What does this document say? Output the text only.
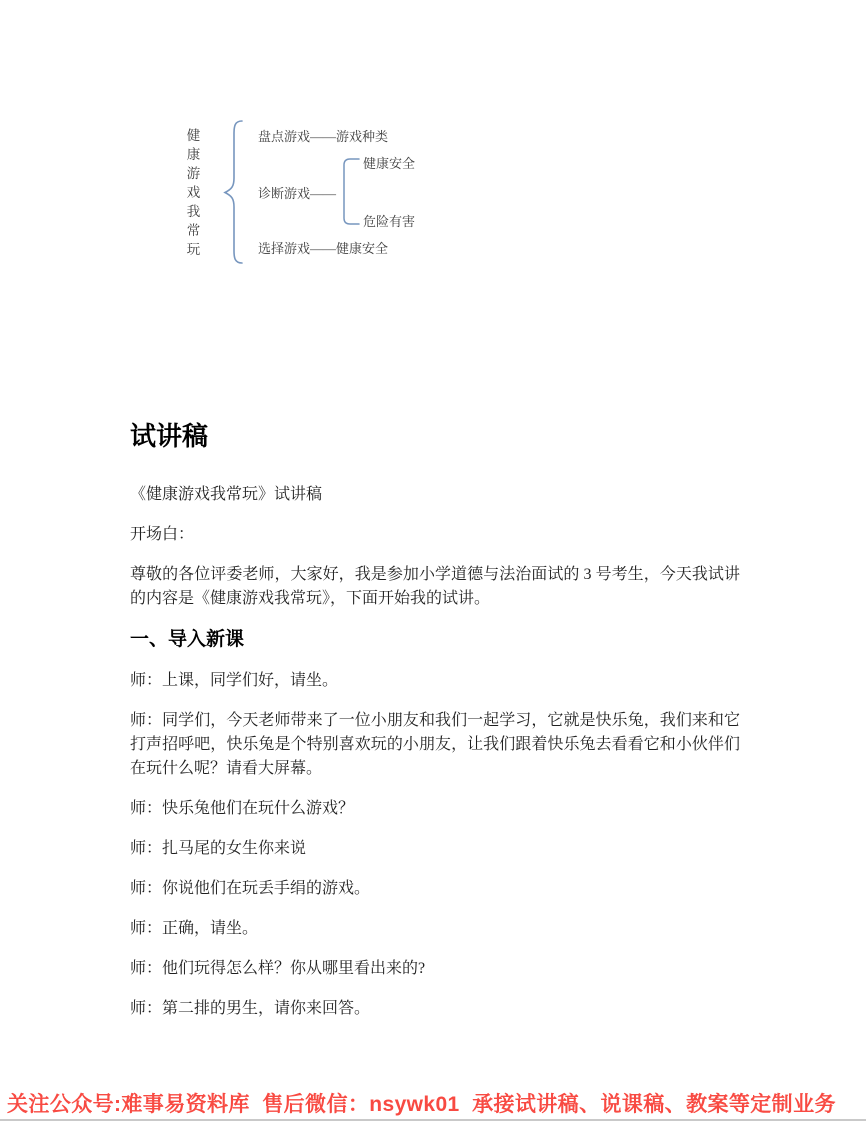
健
康
游
戏
我
常
玩
盘点游戏——游戏种类
诊断游戏——
健康安全
危险有害
选择游戏——健康安全
试讲稿

《健康游戏我常玩》试讲稿

开场白：

尊敬的各位评委老师，大家好，我是参加小学道德与法治面试的 3 号考生，今天我试讲的内容是《健康游戏我常玩》，下面开始我的试讲。

一、导入新课

师：上课，同学们好，请坐。

师：同学们，今天老师带来了一位小朋友和我们一起学习，它就是快乐兔，我们来和它打声招呼吧，快乐兔是个特别喜欢玩的小朋友，让我们跟着快乐兔去看看它和小伙伴们在玩什么呢？请看大屏幕。

师：快乐兔他们在玩什么游戏？

师：扎马尾的女生你来说

师：你说他们在玩丢手绢的游戏。

师：正确，请坐。

师：他们玩得怎么样？你从哪里看出来的?

师：第二排的男生，请你来回答。

关注公众号:难事易资料库  售后微信：nsywk01  承接试讲稿、说课稿、教案等定制业务
